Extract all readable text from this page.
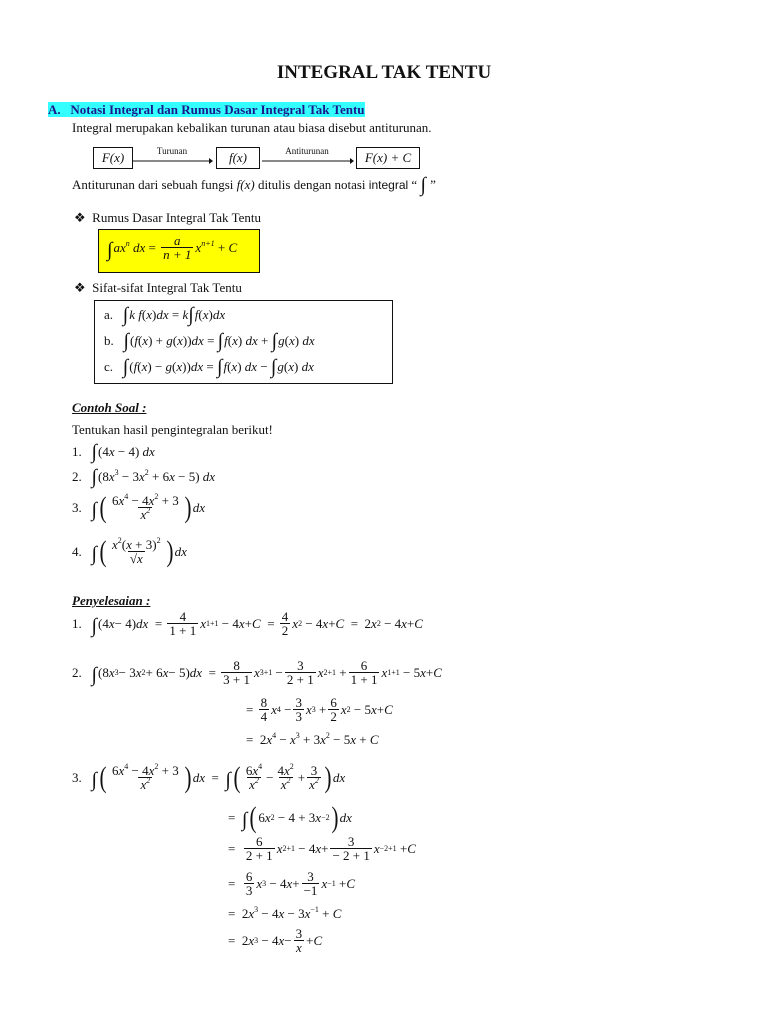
INTEGRAL TAK TENTU
A. Notasi Integral dan Rumus Dasar Integral Tak Tentu
Integral merupakan kebalikan turunan atau biasa disebut antiturunan.
F(x)	Turunan	f(x)	Antiturunan	F(x) + C
Antiturunan dari sebuah fungsi f(x) ditulis dengan notasi integral “ ∫ ”
❖ Rumus Dasar Integral Tak Tentu
∫ $ax^n$ dx = $\frac{a}{n + 1} x^{n+1} + C$
❖ Sifat-sifat Integral Tak Tentu
a. ∫k f(x)dx = k∫f(x)dx
b. ∫(f(x) + g(x))dx = ∫f(x) dx + ∫g(x) dx
c. ∫(f(x) − g(x))dx = ∫f(x) dx − ∫g(x) dx
Contoh Soal :
Tentukan hasil pengintegralan berikut!
1. ∫(4x − 4) dx
2. $\int(8x^3 - 3x^2 + 6x - 5)$ dx
3.
∫ ( $\frac{6x^4 - 4x^2 + 3}{x^2}$ ) dx
4.
∫ ( $\frac{x^2(x + 3)^2}{√x}$ ) dx
Penyelesaian :
1.
∫ (4 x − 4) dx = $\frac{4}{1 + 1}$ x 1+1 − 4 $x + C = \frac{4}{2}$ x 2 − 4 x + C =  2 x 2 − 4 x + C
2.
∫ (8 x 3 − 3 x 2 + 6 x − 5) dx = $\frac{8}{3 + 1}$ x $3+1 - \frac{3}{2 + 1}$ x $2+1 + \frac{6}{1 + 1}$ x 1+1 − 5 x + C
= $\frac{8}{4}$ x $4 - \frac{3}{3}$ x $3 + \frac{6}{2}$ x 2 − 5 x + C
=  $2x^4 - x^3 + 3x^2 - 5x + C$
3.
∫ ( $\frac{6x^4 - 4x^2 + 3}{x^2}$ ) dx = ∫ ( $\frac{6x^4}{x^2} - \frac{4x^2}{x^2} + \frac{3}{x^2}$ ) dx
= ∫ ( 6 x 2 − 4 + 3 x −2 ) dx
= $\frac{6}{2 + 1}$ x 2+1 − 4 $x + \frac{3}{- 2 + 1}$ x −2+1 + C
= $\frac{6}{3}$ x 3 − 4 $x + \frac{3}{-1}$ x −1 + C
=  $2x^3 - 4x - 3x^{-1} + C$
=  2 x 3 − 4 $x - \frac{3}{x} + C$
